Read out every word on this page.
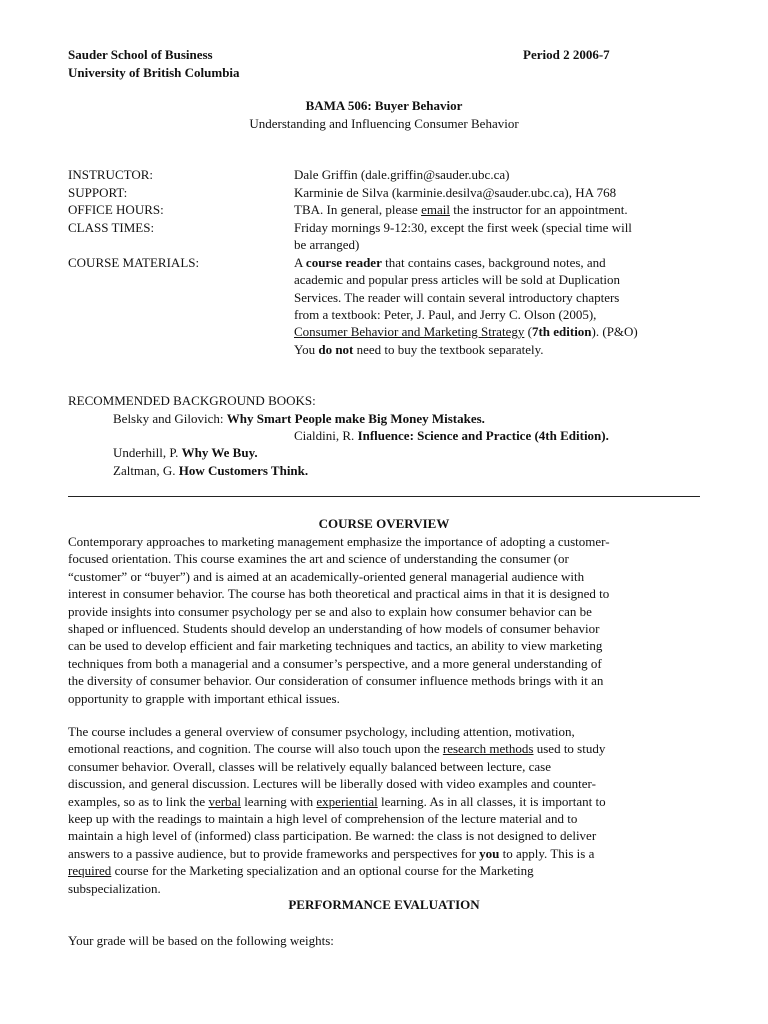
Sauder School of Business
University of British Columbia
Period 2 2006-7
BAMA 506: Buyer Behavior
Understanding and Influencing Consumer Behavior
INSTRUCTOR:	Dale Griffin (dale.griffin@sauder.ubc.ca)
SUPPORT:	Karminie de Silva (karminie.desilva@sauder.ubc.ca), HA 768
OFFICE HOURS:	TBA. In general, please email the instructor for an appointment.
CLASS TIMES:	Friday mornings 9-12:30, except the first week (special time will
be arranged)
COURSE MATERIALS:	A course reader that contains cases, background notes, and
academic and popular press articles will be sold at Duplication
Services. The reader will contain several introductory chapters
from a textbook: Peter, J. Paul, and Jerry C. Olson (2005),
Consumer Behavior and Marketing Strategy (7th edition). (P&O)
You do not need to buy the textbook separately.
RECOMMENDED BACKGROUND BOOKS:
Belsky and Gilovich: Why Smart People make Big Money Mistakes.
Cialdini, R. Influence: Science and Practice (4th Edition).
Underhill, P. Why We Buy.
Zaltman, G. How Customers Think.
COURSE OVERVIEW
Contemporary approaches to marketing management emphasize the importance of adopting a customer-
focused orientation. This course examines the art and science of understanding the consumer (or
“customer” or “buyer”) and is aimed at an academically-oriented general managerial audience with
interest in consumer behavior. The course has both theoretical and practical aims in that it is designed to
provide insights into consumer psychology per se and also to explain how consumer behavior can be
shaped or influenced. Students should develop an understanding of how models of consumer behavior
can be used to develop efficient and fair marketing techniques and tactics, an ability to view marketing
techniques from both a managerial and a consumer’s perspective, and a more general understanding of
the diversity of consumer behavior. Our consideration of consumer influence methods brings with it an
opportunity to grapple with important ethical issues.
The course includes a general overview of consumer psychology, including attention, motivation,
emotional reactions, and cognition. The course will also touch upon the research methods used to study
consumer behavior. Overall, classes will be relatively equally balanced between lecture, case
discussion, and general discussion. Lectures will be liberally dosed with video examples and counter-
examples, so as to link the verbal learning with experiential learning. As in all classes, it is important to
keep up with the readings to maintain a high level of comprehension of the lecture material and to
maintain a high level of (informed) class participation. Be warned: the class is not designed to deliver
answers to a passive audience, but to provide frameworks and perspectives for you to apply. This is a
required course for the Marketing specialization and an optional course for the Marketing
subspecialization.
PERFORMANCE EVALUATION
Your grade will be based on the following weights:
